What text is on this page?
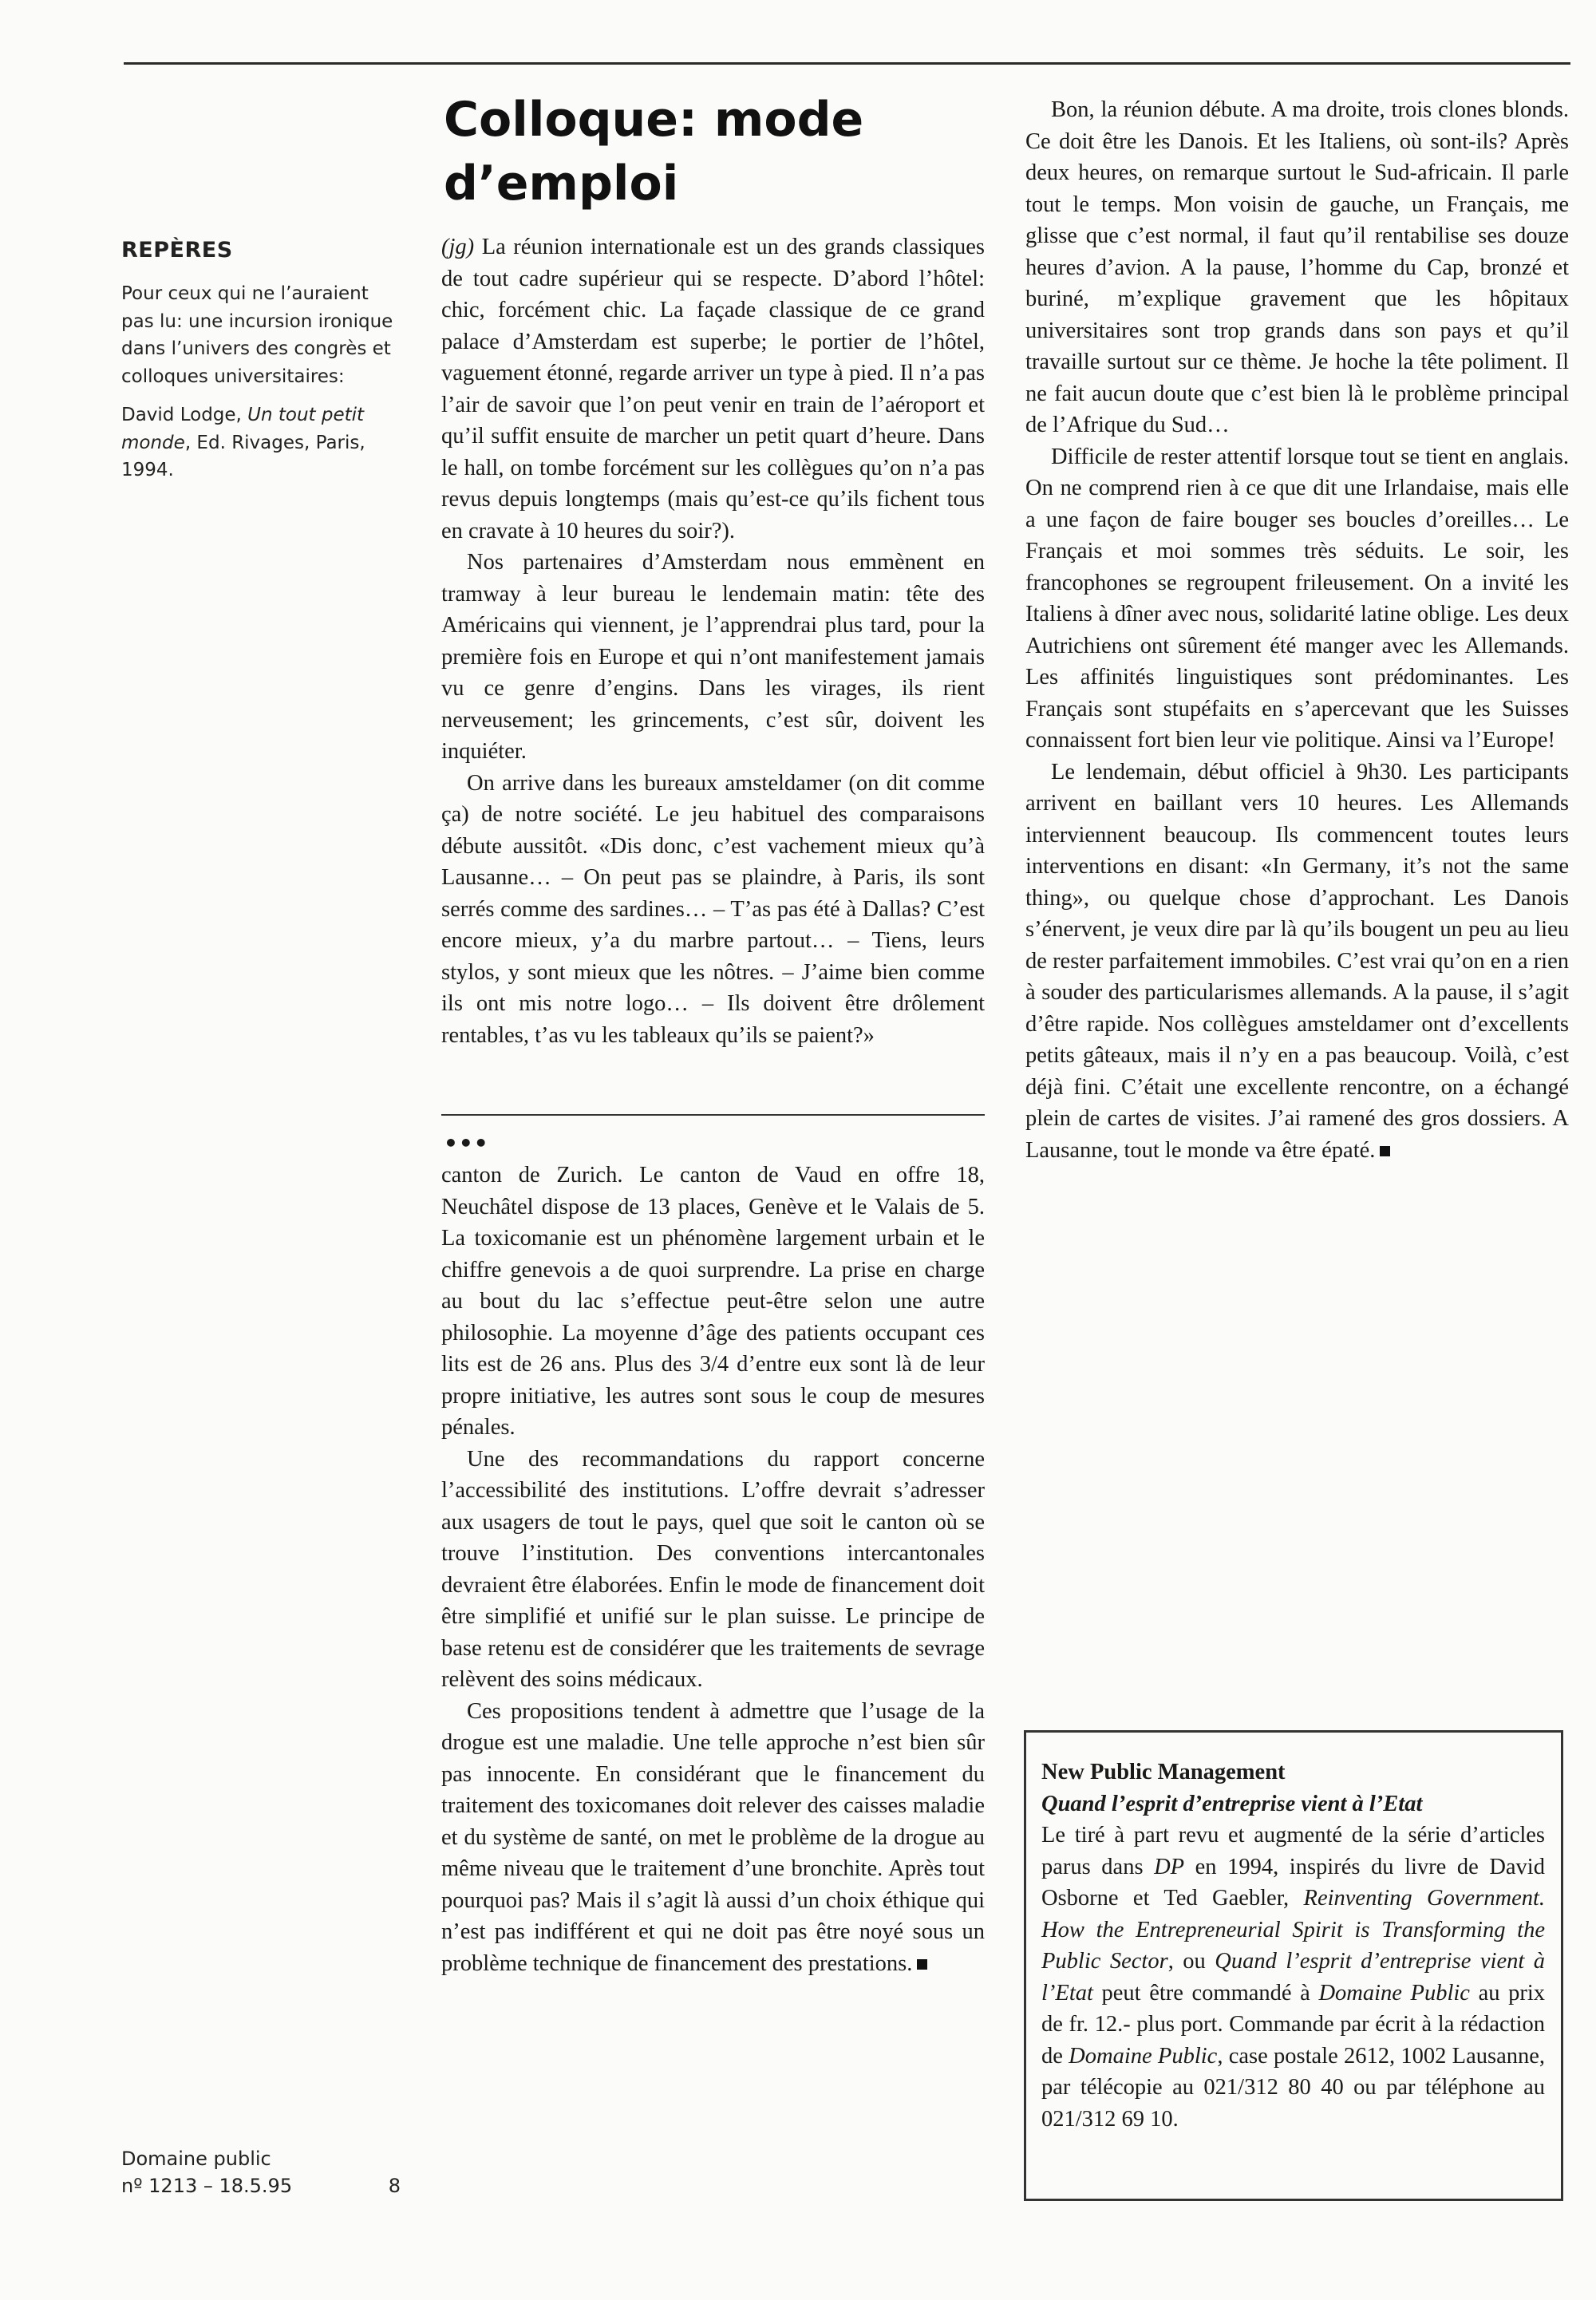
REPÈRES

Pour ceux qui ne l’auraient pas lu: une incursion ironique dans l’univers des congrès et colloques universitaires:

David Lodge, Un tout petit monde, Ed. Rivages, Paris, 1994.

Colloque: mode d’emploi

(jg) La réunion internationale est un des grands classiques de tout cadre supérieur qui se respecte. D’abord l’hôtel: chic, forcément chic. La façade classique de ce grand palace d’Amsterdam est superbe; le portier de l’hôtel, vaguement étonné, regarde arriver un type à pied. Il n’a pas l’air de savoir que l’on peut venir en train de l’aéroport et qu’il suffit ensuite de marcher un petit quart d’heure. Dans le hall, on tombe forcément sur les collègues qu’on n’a pas revus depuis longtemps (mais qu’est-ce qu’ils fichent tous en cravate à 10 heures du soir?).

Nos partenaires d’Amsterdam nous emmènent en tramway à leur bureau le lendemain matin: tête des Américains qui viennent, je l’apprendrai plus tard, pour la première fois en Europe et qui n’ont manifestement jamais vu ce genre d’engins. Dans les virages, ils rient nerveusement; les grincements, c’est sûr, doivent les inquiéter.

On arrive dans les bureaux amsteldamer (on dit comme ça) de notre société. Le jeu habituel des comparaisons débute aussitôt. «Dis donc, c’est vachement mieux qu’à Lausanne… – On peut pas se plaindre, à Paris, ils sont serrés comme des sardines… – T’as pas été à Dallas? C’est encore mieux, y’a du marbre partout… – Tiens, leurs stylos, y sont mieux que les nôtres. – J’aime bien comme ils ont mis notre logo… – Ils doivent être drôlement rentables, t’as vu les tableaux qu’ils se paient?»

•••

canton de Zurich. Le canton de Vaud en offre 18, Neuchâtel dispose de 13 places, Genève et le Valais de 5. La toxicomanie est un phénomène largement urbain et le chiffre genevois a de quoi surprendre. La prise en charge au bout du lac s’effectue peut-être selon une autre philosophie. La moyenne d’âge des patients occupant ces lits est de 26 ans. Plus des 3/4 d’entre eux sont là de leur propre initiative, les autres sont sous le coup de mesures pénales.

Une des recommandations du rapport concerne l’accessibilité des institutions. L’offre devrait s’adresser aux usagers de tout le pays, quel que soit le canton où se trouve l’institution. Des conventions intercantonales devraient être élaborées. Enfin le mode de financement doit être simplifié et unifié sur le plan suisse. Le principe de base retenu est de considérer que les traitements de sevrage relèvent des soins médicaux.

Ces propositions tendent à admettre que l’usage de la drogue est une maladie. Une telle approche n’est bien sûr pas innocente. En considérant que le financement du traitement des toxicomanes doit relever des caisses maladie et du système de santé, on met le problème de la drogue au même niveau que le traitement d’une bronchite. Après tout pourquoi pas? Mais il s’agit là aussi d’un choix éthique qui n’est pas indifférent et qui ne doit pas être noyé sous un problème technique de financement des prestations.

Bon, la réunion débute. A ma droite, trois clones blonds. Ce doit être les Danois. Et les Italiens, où sont-ils? Après deux heures, on remarque surtout le Sud-africain. Il parle tout le temps. Mon voisin de gauche, un Français, me glisse que c’est normal, il faut qu’il rentabilise ses douze heures d’avion. A la pause, l’homme du Cap, bronzé et buriné, m’explique gravement que les hôpitaux universitaires sont trop grands dans son pays et qu’il travaille surtout sur ce thème. Je hoche la tête poliment. Il ne fait aucun doute que c’est bien là le problème principal de l’Afrique du Sud…

Difficile de rester attentif lorsque tout se tient en anglais. On ne comprend rien à ce que dit une Irlandaise, mais elle a une façon de faire bouger ses boucles d’oreilles… Le Français et moi sommes très séduits. Le soir, les francophones se regroupent frileusement. On a invité les Italiens à dîner avec nous, solidarité latine oblige. Les deux Autrichiens ont sûrement été manger avec les Allemands. Les affinités linguistiques sont prédominantes. Les Français sont stupéfaits en s’apercevant que les Suisses connaissent fort bien leur vie politique. Ainsi va l’Europe!

Le lendemain, début officiel à 9h30. Les participants arrivent en baillant vers 10 heures. Les Allemands interviennent beaucoup. Ils commencent toutes leurs interventions en disant: «In Germany, it’s not the same thing», ou quelque chose d’approchant. Les Danois s’énervent, je veux dire par là qu’ils bougent un peu au lieu de rester parfaitement immobiles. C’est vrai qu’on en a rien à souder des particularismes allemands. A la pause, il s’agit d’être rapide. Nos collègues amsteldamer ont d’excellents petits gâteaux, mais il n’y en a pas beaucoup. Voilà, c’est déjà fini. C’était une excellente rencontre, on a échangé plein de cartes de visites. J’ai ramené des gros dossiers. A Lausanne, tout le monde va être épaté.

New Public Management
Quand l’esprit d’entreprise vient à l’Etat

Le tiré à part revu et augmenté de la série d’articles parus dans DP en 1994, inspirés du livre de David Osborne et Ted Gaebler, Reinventing Government. How the Entrepreneurial Spirit is Transforming the Public Sector, ou Quand l’esprit d’entreprise vient à l’Etat peut être commandé à Domaine Public au prix de fr. 12.- plus port. Commande par écrit à la rédaction de Domaine Public, case postale 2612, 1002 Lausanne, par télécopie au 021/312 80 40 ou par téléphone au 021/312 69 10.

Domaine public
nº 1213 – 18.5.95	8
